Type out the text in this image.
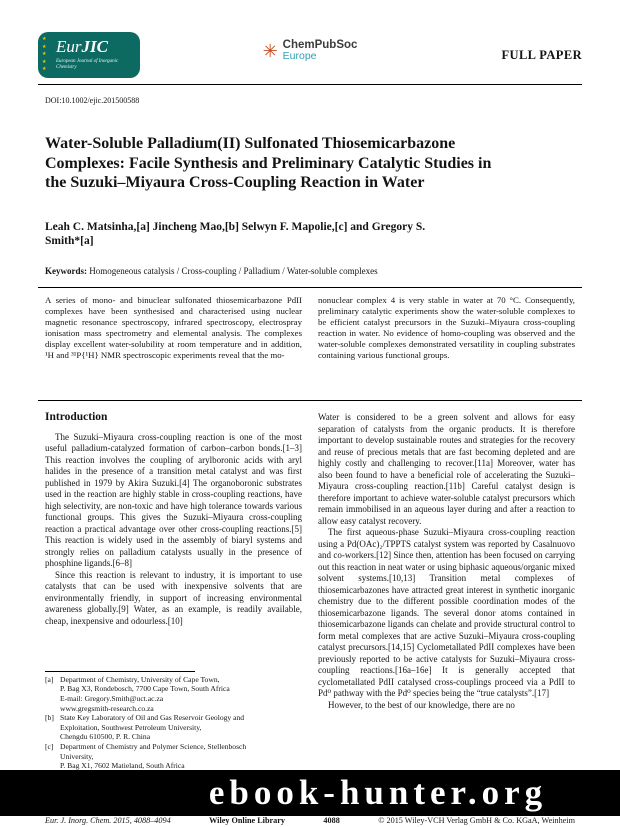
★
★
★
★
★
EurJIC
European Journal of Inorganic Chemistry
✳ ChemPubSoc
Europe	FULL PAPER
DOI:10.1002/ejic.201500588
Water-Soluble Palladium(II) Sulfonated Thiosemicarbazone Complexes: Facile Synthesis and Preliminary Catalytic Studies in the Suzuki–Miyaura Cross-Coupling Reaction in Water
Leah C. Matsinha,[a] Jincheng Mao,[b] Selwyn F. Mapolie,[c] and Gregory S. Smith*[a]
Keywords: Homogeneous catalysis / Cross-coupling / Palladium / Water-soluble complexes
A series of mono- and binuclear sulfonated thiosemicarbazone PdII complexes have been synthesised and characterised using nuclear magnetic resonance spectroscopy, infrared spectroscopy, electrospray ionisation mass spectrometry and elemental analysis. The complexes display excellent water-solubility at room temperature and in addition, ¹H and ³¹P{¹H} NMR spectroscopic experiments reveal that the mo-
nonuclear complex 4 is very stable in water at 70 °C. Consequently, preliminary catalytic experiments show the water-soluble complexes to be efficient catalyst precursors in the Suzuki–Miyaura cross-coupling reaction in water. No evidence of homo-coupling was observed and the water-soluble complexes demonstrated versatility in coupling substrates containing various functional groups.
Introduction

The Suzuki–Miyaura cross-coupling reaction is one of the most useful palladium-catalyzed formation of carbon–carbon bonds.[1–3] This reaction involves the coupling of arylboronic acids with aryl halides in the presence of a transition metal catalyst and was first published in 1979 by Akira Suzuki.[4] The organoboronic substrates used in the reaction are highly stable in cross-coupling reactions, have high selectivity, are non-toxic and have high tolerance towards various functional groups. This gives the Suzuki–Miyaura cross-coupling reaction a practical advantage over other cross-coupling reactions.[5] This reaction is widely used in the assembly of biaryl systems and strongly relies on palladium catalysts usually in the presence of phosphine ligands.[6–8]

Since this reaction is relevant to industry, it is important to use catalysts that can be used with inexpensive solvents that are environmentally friendly, in support of increasing environmental awareness globally.[9] Water, as an example, is readily available, cheap, inexpensive and odourless.[10]

[a] Department of Chemistry, University of Cape Town,
P. Bag X3, Rondebosch, 7700 Cape Town, South Africa
E-mail: Gregory.Smith@uct.ac.za
www.gregsmith-research.co.za
[b] State Key Laboratory of Oil and Gas Reservoir Geology and
Exploitation, Southwest Petroleum University,
Chengdu 610500, P. R. China
[c] Department of Chemistry and Polymer Science, Stellenbosch
University,
P. Bag X1, 7602 Matieland, South Africa

Water is considered to be a green solvent and allows for easy separation of catalysts from the organic products. It is therefore important to develop sustainable routes and strategies for the recovery and reuse of precious metals that are fast becoming depleted and are highly costly and challenging to recover.[11a] Moreover, water has also been found to have a beneficial role of accelerating the Suzuki–Miyaura cross-coupling reaction.[11b] Careful catalyst design is therefore important to achieve water-soluble catalyst precursors which remain immobilised in an aqueous layer during and after a reaction to allow easy catalyst recovery.

The first aqueous-phase Suzuki–Miyaura cross-coupling reaction using a Pd(OAc)₂/TPPTS catalyst system was reported by Casalnuovo and co-workers.[12] Since then, attention has been focused on carrying out this reaction in neat water or using biphasic aqueous/organic mixed solvent systems.[10,13] Transition metal complexes of thiosemicarbazones have attracted great interest in synthetic inorganic chemistry due to the different possible coordination modes of the thiosemicarbazone ligands. The several donor atoms contained in thiosemicarbazone ligands can chelate and provide structural control to form metal complexes that are active Suzuki–Miyaura cross-coupling catalyst precursors.[14,15] Cyclometallated PdII complexes have been previously reported to be active catalysts for Suzuki–Miyaura cross-coupling reactions.[16a–16e] It is generally accepted that cyclometallated PdII catalysed cross-couplings proceed via a PdII to Pd⁰ pathway with the Pd⁰ species being the “true catalysts”.[17]

However, to the best of our knowledge, there are no

ebook-hunter.org
Eur. J. Inorg. Chem. 2015, 4088–4094	Wiley Online Library	4088	© 2015 Wiley-VCH Verlag GmbH & Co. KGaA, Weinheim
